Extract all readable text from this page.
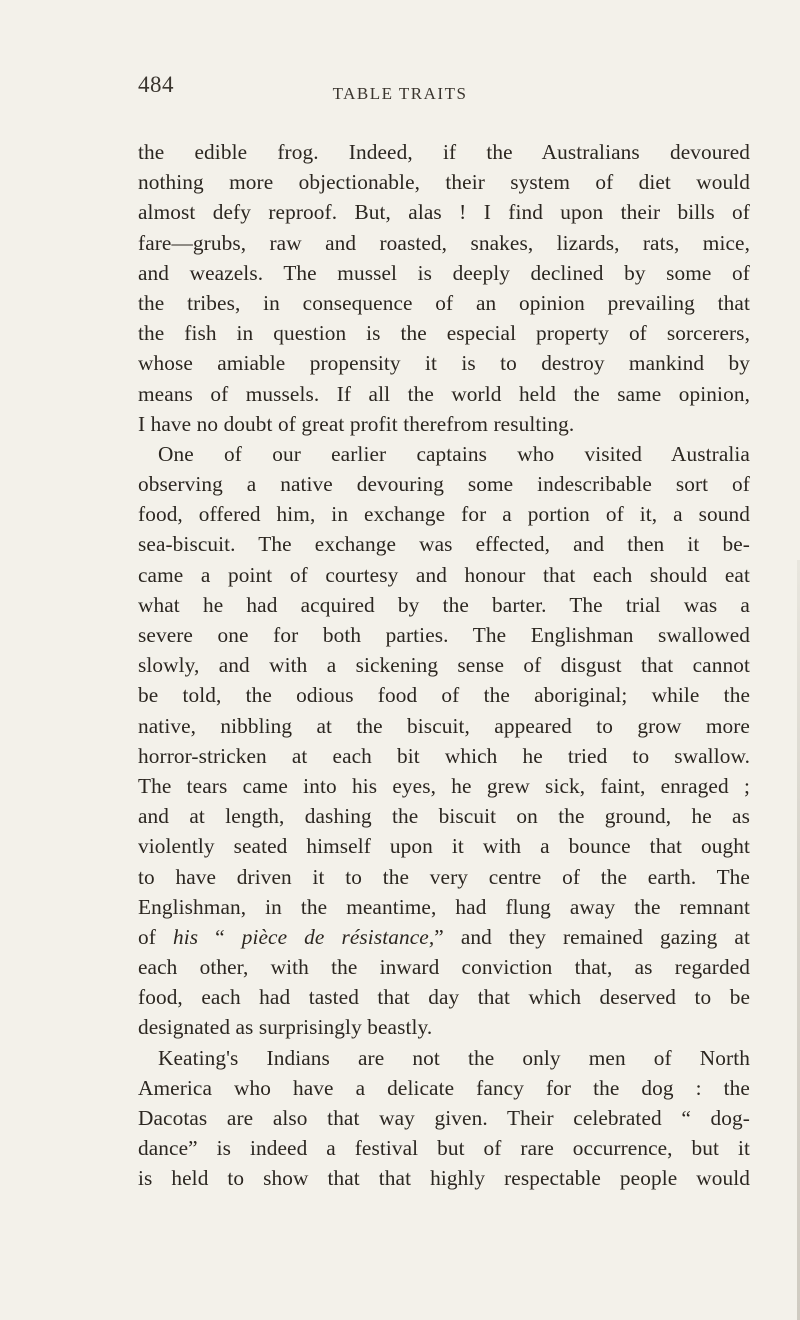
484	TABLE TRAITS
the edible frog. Indeed, if the Australians devoured
nothing more objectionable, their system of diet would
almost defy reproof. But, alas ! I find upon their bills of
fare—grubs, raw and roasted, snakes, lizards, rats, mice,
and weazels. The mussel is deeply declined by some of
the tribes, in consequence of an opinion prevailing that
the fish in question is the especial property of sorcerers,
whose amiable propensity it is to destroy mankind by
means of mussels. If all the world held the same opinion,
I have no doubt of great profit therefrom resulting.
One of our earlier captains who visited Australia
observing a native devouring some indescribable sort of
food, offered him, in exchange for a portion of it, a sound
sea-biscuit. The exchange was effected, and then it be-
came a point of courtesy and honour that each should eat
what he had acquired by the barter. The trial was a
severe one for both parties. The Englishman swallowed
slowly, and with a sickening sense of disgust that cannot
be told, the odious food of the aboriginal; while the
native, nibbling at the biscuit, appeared to grow more
horror-stricken at each bit which he tried to swallow.
The tears came into his eyes, he grew sick, faint, enraged ;
and at length, dashing the biscuit on the ground, he as
violently seated himself upon it with a bounce that ought
to have driven it to the very centre of the earth. The
Englishman, in the meantime, had flung away the remnant
of his “ pièce de résistance,” and they remained gazing at
each other, with the inward conviction that, as regarded
food, each had tasted that day that which deserved to be
designated as surprisingly beastly.
Keating's Indians are not the only men of North
America who have a delicate fancy for the dog : the
Dacotas are also that way given. Their celebrated “ dog-
dance” is indeed a festival but of rare occurrence, but it
is held to show that that highly respectable people would
